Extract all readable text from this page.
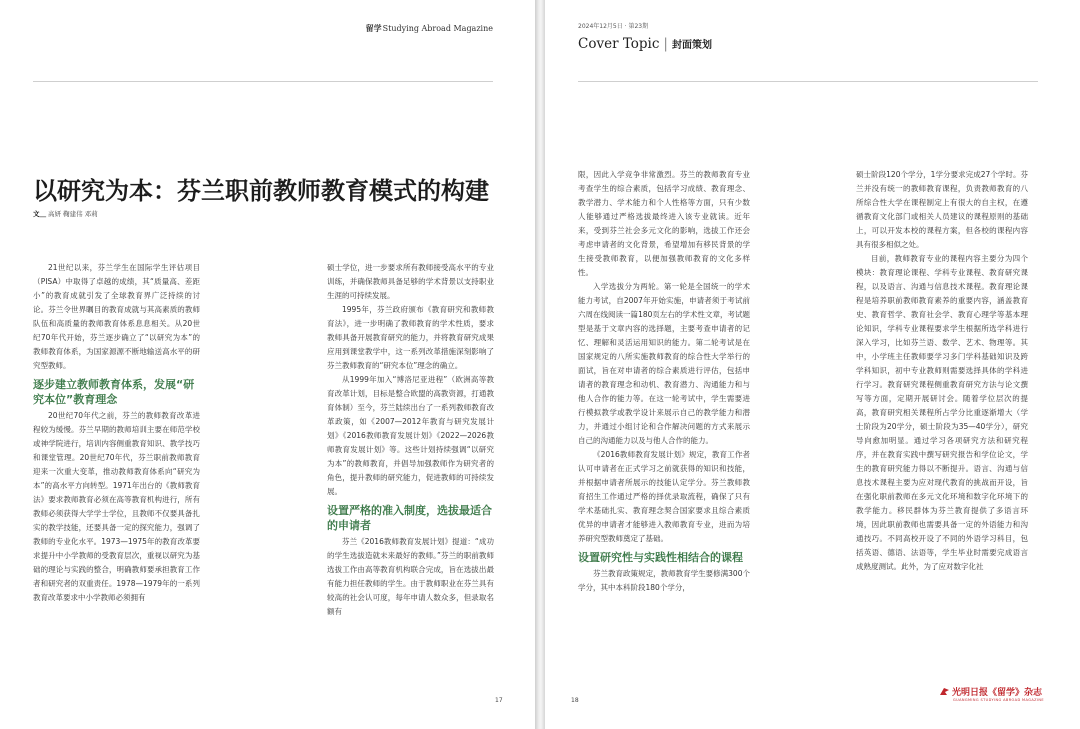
留学Studying Abroad Magazine
以研究为本：芬兰职前教师教育模式的构建
文＿ 高妍 鞠建伟 邓莉

21世纪以来，芬兰学生在国际学生评估项目（PISA）中取得了卓越的成绩，其“质量高、差距小”的教育成就引发了全球教育界广泛持续的讨论。芬兰令世界瞩目的教育成就与其高素质的教师队伍和高质量的教师教育体系息息相关。从20世纪70年代开始，芬兰逐步确立了“以研究为本”的教师教育体系，为国家源源不断地输送高水平的研究型教师。

逐步建立教师教育体系，发展“研究本位”教育理念

20世纪70年代之前，芬兰的教师教育改革进程较为缓慢。芬兰早期的教师培训主要在师范学校或神学院进行，培训内容侧重教育知识、教学技巧和课堂管理。20世纪70年代，芬兰职前教师教育迎来一次重大变革，推动教师教育体系向“研究为本”的高水平方向转型。1971年出台的《教师教育法》要求教师教育必须在高等教育机构进行，所有教师必须获得大学学士学位，且教师不仅要具备扎实的教学技能，还要具备一定的探究能力，强调了教师的专业化水平。1973—1975年的教育改革要求提升中小学教师的受教育层次，重视以研究为基础的理论与实践的整合，明确教师要承担教育工作者和研究者的双重责任。1978—1979年的一系列教育改革要求中小学教师必须拥有

硕士学位，进一步要求所有教师接受高水平的专业训练，并确保教师具备足够的学术背景以支持职业生涯的可持续发展。

1995年，芬兰政府颁布《教育研究和教师教育法》，进一步明确了教师教育的学术性质，要求教师具备开展教育研究的能力，并将教育研究成果应用到课堂教学中，这一系列改革措施深刻影响了芬兰教师教育的“研究本位”理念的确立。

从1999年加入“博洛尼亚进程”（欧洲高等教育改革计划，目标是整合欧盟的高教资源，打通教育体制）至今，芬兰陆续出台了一系列教师教育改革政策，如《2007—2012年教育与研究发展计划》《2016教师教育发展计划》《2022—2026教师教育发展计划》等。这些计划持续强调“以研究为本”的教师教育，并倡导加强教师作为研究者的角色，提升教师的研究能力，促进教师的可持续发展。

设置严格的准入制度，选拔最适合的申请者

芬兰《2016教师教育发展计划》提道：“成功的学生选拔造就未来最好的教师。”芬兰的职前教师选拔工作由高等教育机构联合完成，旨在选拔出最有能力担任教师的学生。由于教师职业在芬兰具有较高的社会认可度，每年申请人数众多，但录取名额有

17
2024年12月5日 · 第23期
Cover Topic | 封面策划

限，因此入学竞争非常激烈。芬兰的教师教育专业考查学生的综合素质，包括学习成绩、教育理念、教学潜力、学术能力和个人性格等方面，只有少数人能够通过严格选拔最终进入该专业就读。近年来，受到芬兰社会多元文化的影响，选拔工作还会考虑申请者的文化背景，希望增加有移民背景的学生接受教师教育，以便加强教师教育的文化多样性。

入学选拔分为两轮。第一轮是全国统一的学术能力考试，自2007年开始实施，申请者须于考试前六周在线阅读一篇180页左右的学术性文章，考试题型是基于文章内容的选择题，主要考查申请者的记忆、理解和灵活运用知识的能力。第二轮考试是在国家规定的八所实施教师教育的综合性大学举行的面试，旨在对申请者的综合素质进行评估，包括申请者的教育理念和动机、教育潜力、沟通能力和与他人合作的能力等。在这一轮考试中，学生需要进行模拟教学或教学设计来展示自己的教学能力和潜力，并通过小组讨论和合作解决问题的方式来展示自己的沟通能力以及与他人合作的能力。

《2016教师教育发展计划》规定，教育工作者认可申请者在正式学习之前就获得的知识和技能，并根据申请者所展示的技能认定学分。芬兰教师教育招生工作通过严格的择优录取流程，确保了只有学术基础扎实、教育理念契合国家要求且综合素质优异的申请者才能够进入教师教育专业，进而为培养研究型教师奠定了基础。

设置研究性与实践性相结合的课程

芬兰教育政策规定，教师教育学生要修满300个学分，其中本科阶段180个学分，

硕士阶段120个学分，1学分要求完成27个学时。芬兰并没有统一的教师教育课程，负责教师教育的八所综合性大学在课程制定上有很大的自主权，在遵循教育文化部门或相关人员建议的课程原则的基础上，可以开发本校的课程方案，但各校的课程内容具有很多相似之处。

目前，教师教育专业的课程内容主要分为四个模块：教育理论课程、学科专业课程、教育研究课程，以及语言、沟通与信息技术课程。教育理论课程是培养职前教师教育素养的重要内容，涵盖教育史、教育哲学、教育社会学、教育心理学等基本理论知识，学科专业课程要求学生根据所选学科进行深入学习，比如芬兰语、数学、艺术、物理等。其中，小学班主任教师要学习多门学科基础知识及跨学科知识，初中专业教师则需要选择具体的学科进行学习。教育研究课程侧重教育研究方法与论文撰写等方面，定期开展研讨会。随着学位层次的提高，教育研究相关课程所占学分比重逐渐增大（学士阶段为20学分，硕士阶段为35—40学分），研究导向愈加明显。通过学习各项研究方法和研究程序，并在教育实践中撰写研究报告和学位论文，学生的教育研究能力得以不断提升。语言、沟通与信息技术课程主要为应对现代教育的挑战而开设，旨在强化职前教师在多元文化环境和数字化环境下的教学能力。移民群体为芬兰教育提供了多语言环境，因此职前教师也需要具备一定的外语能力和沟通技巧。不同高校开设了不同的外语学习科目，包括英语、德语、法语等，学生毕业时需要完成语言成熟度测试。此外，为了应对数字化社

18
光明日报《留学》杂志
GUANGMING STUDYING ABROAD MAGAZINE
